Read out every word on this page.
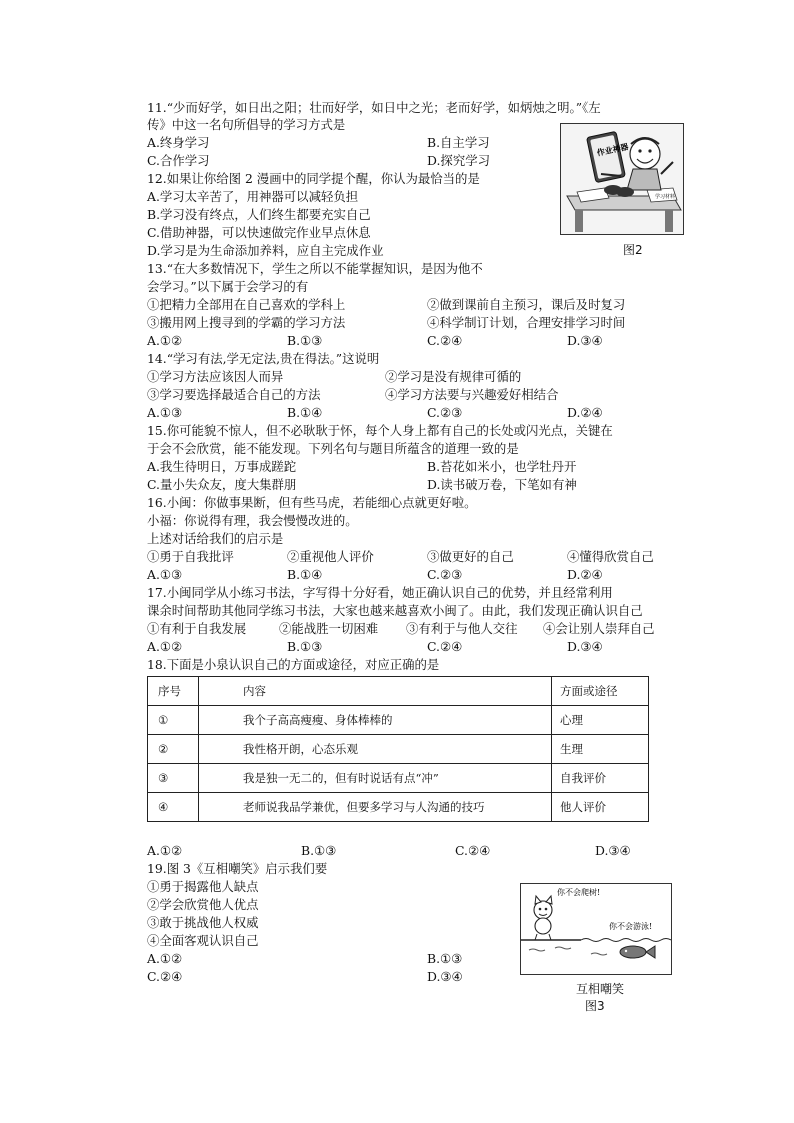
11.“少而好学，如日出之阳；壮而好学，如日中之光；老而好学，如炳烛之明。”《左
传》中这一名句所倡导的学习方式是
A.终身学习	B.自主学习
C.合作学习	D.探究学习
12.如果让你给图 2 漫画中的同学提个醒，你认为最恰当的是
A.学习太辛苦了，用神器可以减轻负担
B.学习没有终点，人们终生都要充实自己
C.借助神器，可以快速做完作业早点休息
D.学习是为生命添加养料，应自主完成作业
学习材料
作业神器
图2
13.“在大多数情况下，学生之所以不能掌握知识，是因为他不
会学习。”以下属于会学习的有
①把精力全部用在自己喜欢的学科上	②做到课前自主预习，课后及时复习
③搬用网上搜寻到的学霸的学习方法	④科学制订计划，合理安排学习时间
A.①②	B.①③	C.②④	D.③④
14.“学习有法,学无定法,贵在得法。”这说明
①学习方法应该因人而异	②学习是没有规律可循的
③学习要选择最适合自己的方法	④学习方法要与兴趣爱好相结合
A.①③	B.①④	C.②③	D.②④
15.你可能貌不惊人，但不必耿耿于怀，每个人身上都有自己的长处或闪光点，关键在
于会不会欣赏，能不能发现。下列名句与题目所蕴含的道理一致的是
A.我生待明日，万事成蹉跎	B.苔花如米小，也学牡丹开
C.量小失众友，度大集群朋	D.读书破万卷，下笔如有神
16.小闽：你做事果断，但有些马虎，若能细心点就更好啦。
小福：你说得有理，我会慢慢改进的。
上述对话给我们的启示是
①勇于自我批评	②重视他人评价	③做更好的自己	④懂得欣赏自己
A.①③	B.①④	C.②③	D.②④
17.小闽同学从小练习书法，字写得十分好看，她正确认识自己的优势，并且经常利用
课余时间帮助其他同学练习书法，大家也越来越喜欢小闽了。由此，我们发现正确认识自己
①有利于自我发展	②能战胜一切困难 ③有利于与他人交往 ④会让别人崇拜自己
A.①②	B.①③	C.②④	D.③④
18.下面是小泉认识自己的方面或途径，对应正确的是
序号	内容	方面或途径
①	我个子高高瘦瘦、身体棒棒的	心理
②	我性格开朗，心态乐观	生理
③	我是独一无二的，但有时说话有点“冲”	自我评价
④	老师说我品学兼优，但要多学习与人沟通的技巧	他人评价
A.①②	B.①③	C.②④	D.③④
19.图 3《互相嘲笑》启示我们要
①勇于揭露他人缺点
②学会欣赏他人优点
③敢于挑战他人权威
④全面客观认识自己
A.①②	B.①③
C.②④	D.③④
你不会爬树!
你不会游泳!
互相嘲笑
图3
